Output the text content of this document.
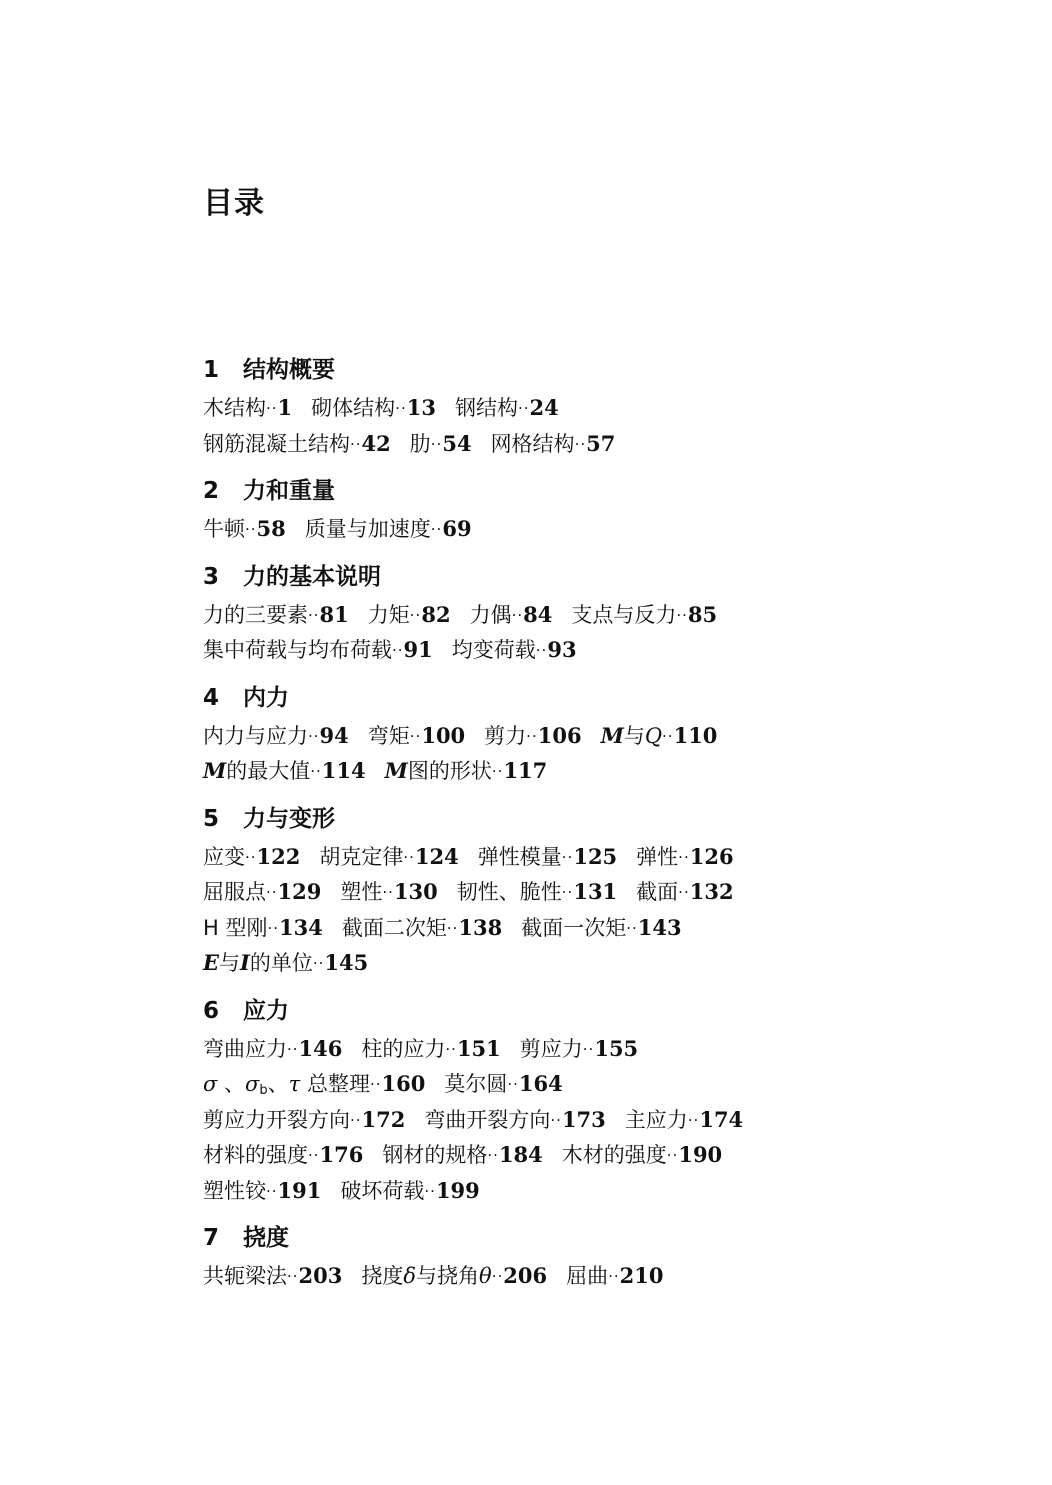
目录
1 结构概要
木结构··1 砌体结构··13 钢结构··24
钢筋混凝土结构··42 肋··54 网格结构··57
2 力和重量
牛顿··58 质量与加速度··69
3 力的基本说明
力的三要素··81 力矩··82 力偶··84 支点与反力··85
集中荷载与均布荷载··91 均变荷载··93
4 内力
内力与应力··94 弯矩··100 剪力··106 M与Q··110
M的最大值··114 M图的形状··117
5 力与变形
应变··122 胡克定律··124 弹性模量··125 弹性··126
屈服点··129 塑性··130 韧性、脆性··131 截面··132
H 型刚··134 截面二次矩··138 截面一次矩··143
E与I的单位··145
6 应力
弯曲应力··146 柱的应力··151 剪应力··155
σ 、$\sigma_b$、τ 总整理··160 莫尔圆··164
剪应力开裂方向··172 弯曲开裂方向··173 主应力··174
材料的强度··176 钢材的规格··184 木材的强度··190
塑性铰··191 破坏荷载··199
7 挠度
共轭梁法··203 挠度δ与挠角θ··206 屈曲··210
